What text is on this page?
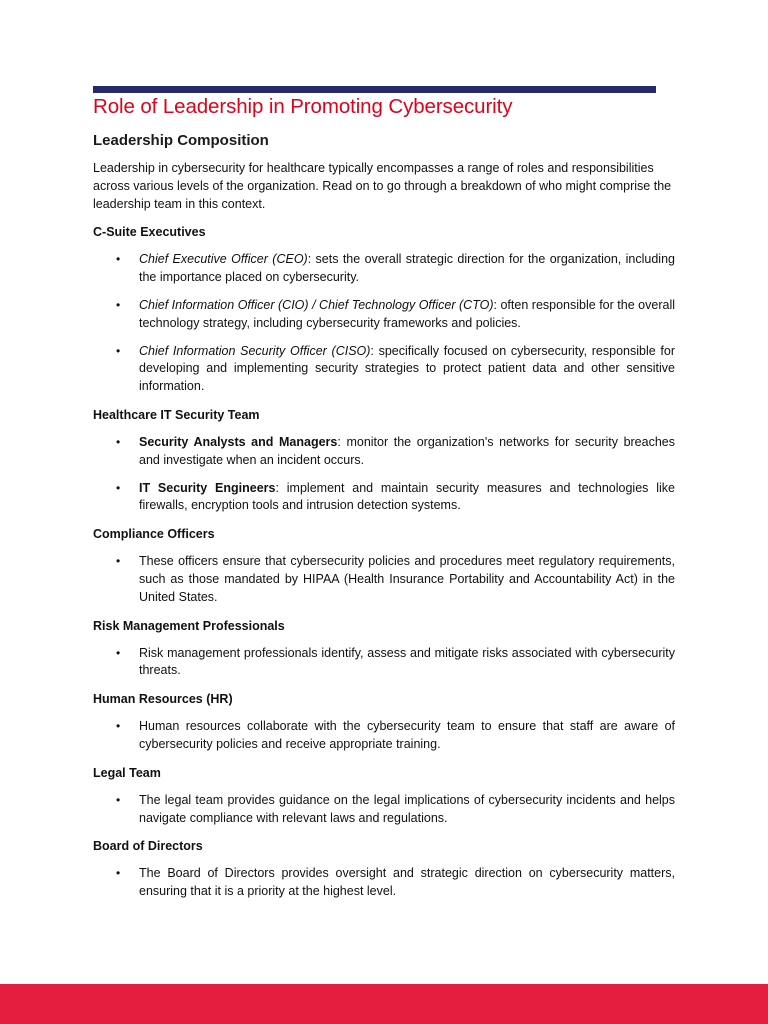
Role of Leadership in Promoting Cybersecurity
Leadership Composition

Leadership in cybersecurity for healthcare typically encompasses a range of roles and responsibilities across various levels of the organization. Read on to go through a breakdown of who might comprise the leadership team in this context.

C-Suite Executives
• Chief Executive Officer (CEO): sets the overall strategic direction for the organization, including the importance placed on cybersecurity.
• Chief Information Officer (CIO) / Chief Technology Officer (CTO): often responsible for the overall technology strategy, including cybersecurity frameworks and policies.
• Chief Information Security Officer (CISO): specifically focused on cybersecurity, responsible for developing and implementing security strategies to protect patient data and other sensitive information.
Healthcare IT Security Team
• Security Analysts and Managers: monitor the organization's networks for security breaches and investigate when an incident occurs.
• IT Security Engineers: implement and maintain security measures and technologies like firewalls, encryption tools and intrusion detection systems.
Compliance Officers
• These officers ensure that cybersecurity policies and procedures meet regulatory requirements, such as those mandated by HIPAA (Health Insurance Portability and Accountability Act) in the United States.
Risk Management Professionals
• Risk management professionals identify, assess and mitigate risks associated with cybersecurity threats.
Human Resources (HR)
• Human resources collaborate with the cybersecurity team to ensure that staff are aware of cybersecurity policies and receive appropriate training.
Legal Team
• The legal team provides guidance on the legal implications of cybersecurity incidents and helps navigate compliance with relevant laws and regulations.
Board of Directors
• The Board of Directors provides oversight and strategic direction on cybersecurity matters, ensuring that it is a priority at the highest level.
